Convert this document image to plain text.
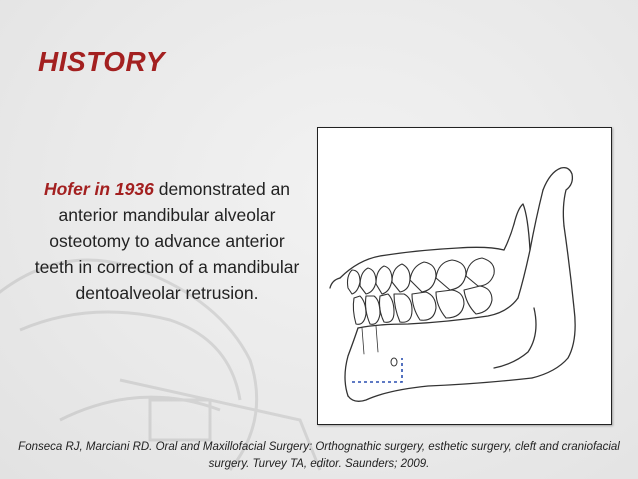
HISTORY
Hofer in 1936 demonstrated an anterior mandibular alveolar osteotomy to advance anterior teeth in correction of a mandibular dentoalveolar retrusion.
Fonseca RJ, Marciani RD. Oral and Maxillofacial Surgery: Orthognathic surgery, esthetic surgery, cleft and craniofacial surgery. Turvey TA, editor. Saunders; 2009.
